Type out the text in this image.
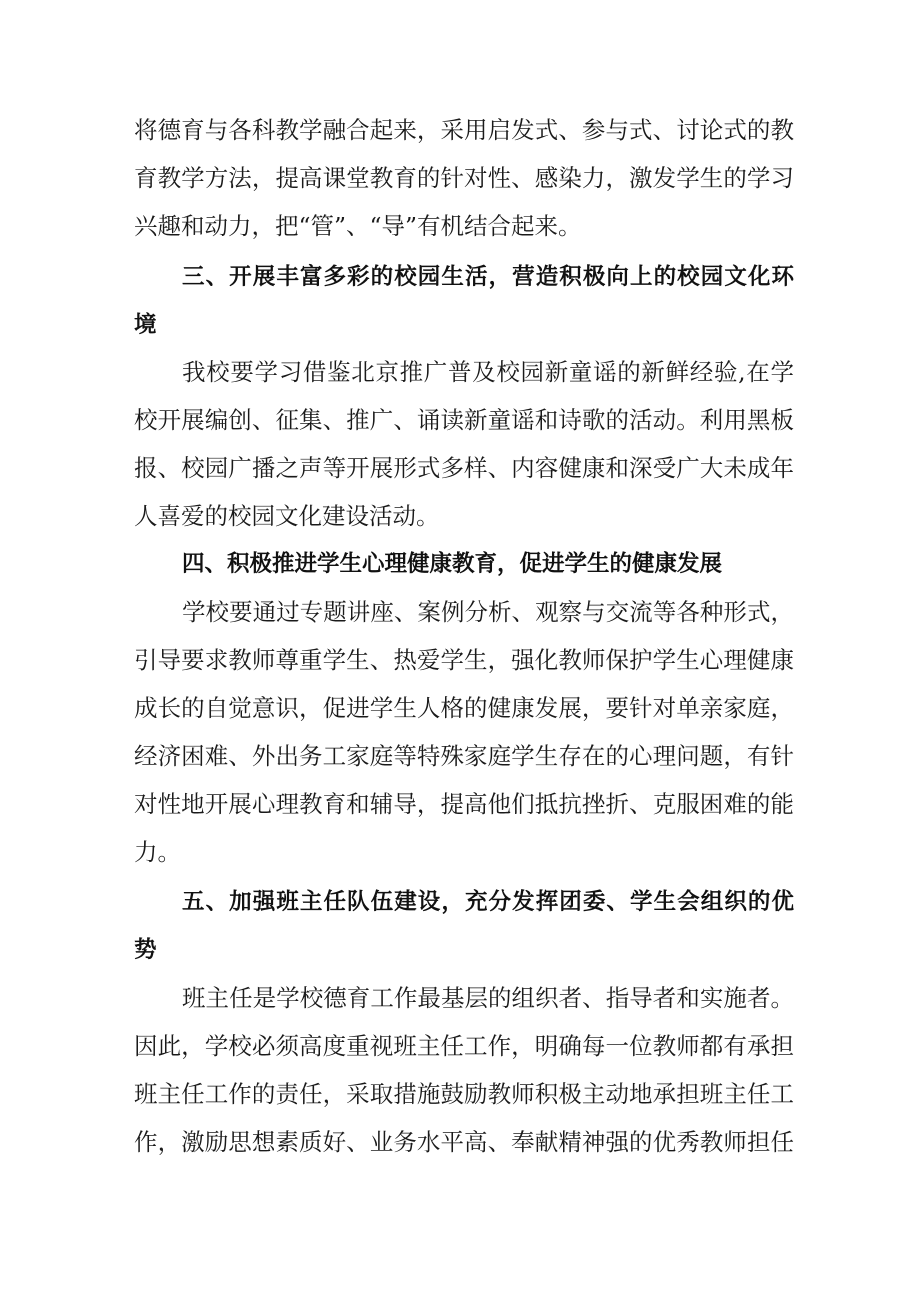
将德育与各科教学融合起来，采用启发式、参与式、讨论式的教
育教学方法，提高课堂教育的针对性、感染力，激发学生的学习
兴趣和动力，把“管”、“导”有机结合起来。
三、开展丰富多彩的校园生活，营造积极向上的校园文化环
境
我校要学习借鉴北京推广普及校园新童谣的新鲜经验,在学
校开展编创、征集、推广、诵读新童谣和诗歌的活动。利用黑板
报、校园广播之声等开展形式多样、内容健康和深受广大未成年
人喜爱的校园文化建设活动。
四、积极推进学生心理健康教育，促进学生的健康发展
学校要通过专题讲座、案例分析、观察与交流等各种形式，
引导要求教师尊重学生、热爱学生，强化教师保护学生心理健康
成长的自觉意识，促进学生人格的健康发展，要针对单亲家庭，
经济困难、外出务工家庭等特殊家庭学生存在的心理问题，有针
对性地开展心理教育和辅导，提高他们抵抗挫折、克服困难的能
力。
五、加强班主任队伍建设，充分发挥团委、学生会组织的优
势
班主任是学校德育工作最基层的组织者、指导者和实施者。
因此，学校必须高度重视班主任工作，明确每一位教师都有承担
班主任工作的责任，采取措施鼓励教师积极主动地承担班主任工
作，激励思想素质好、业务水平高、奉献精神强的优秀教师担任
